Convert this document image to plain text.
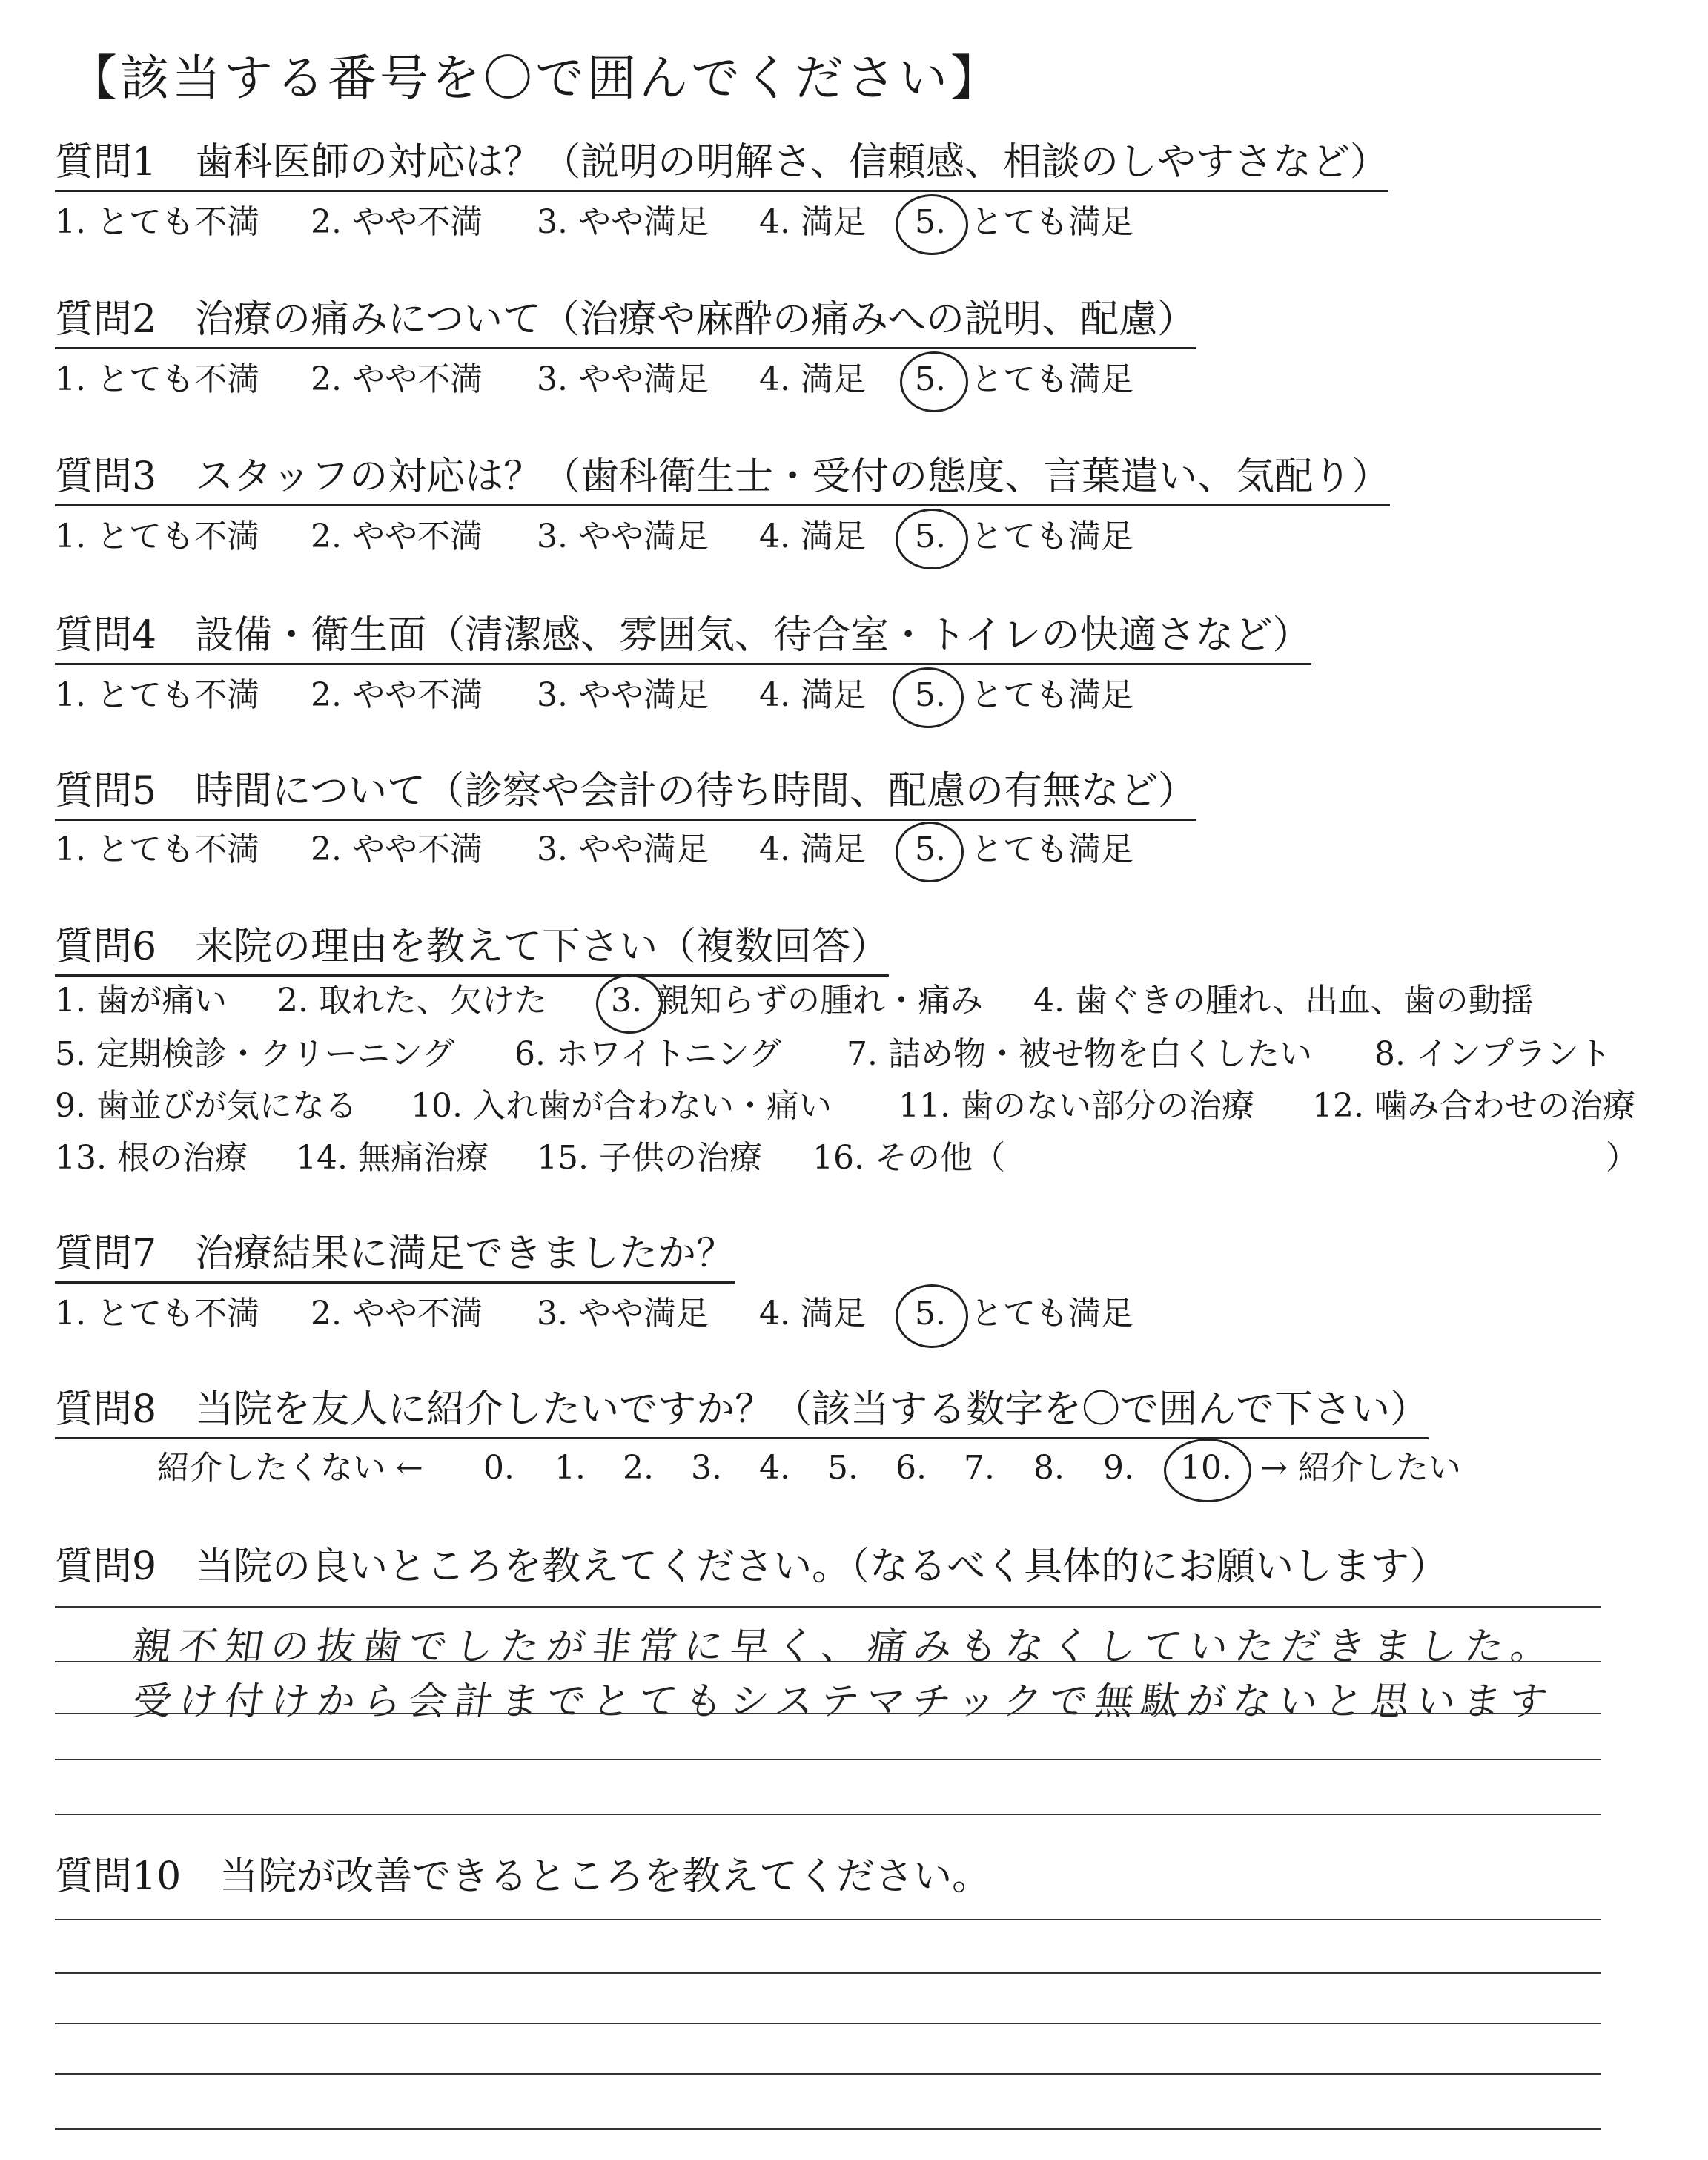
【該当する番号を〇で囲んでください】
質問1　歯科医師の対応は？（説明の明解さ、信頼感、相談のしやすさなど）
1. とても不満 2. やや不満 3. やや満足 4. 満足 5. とても満足
質問2　治療の痛みについて（治療や麻酔の痛みへの説明、配慮）
1. とても不満 2. やや不満 3. やや満足 4. 満足 5. とても満足
質問3　スタッフの対応は？（歯科衛生士・受付の態度、言葉遣い、気配り）
1. とても不満 2. やや不満 3. やや満足 4. 満足 5. とても満足
質問4　設備・衛生面（清潔感、雰囲気、待合室・トイレの快適さなど）
1. とても不満 2. やや不満 3. やや満足 4. 満足 5. とても満足
質問5　時間について（診察や会計の待ち時間、配慮の有無など）
1. とても不満 2. やや不満 3. やや満足 4. 満足 5. とても満足
質問6　来院の理由を教えて下さい（複数回答）
1. 歯が痛い 2. 取れた、欠けた 3. 親知らずの腫れ・痛み 4. 歯ぐきの腫れ、出血、歯の動揺
5. 定期検診・クリーニング 6. ホワイトニング 7. 詰め物・被せ物を白くしたい 8. インプラント
9. 歯並びが気になる 10. 入れ歯が合わない・痛い 11. 歯のない部分の治療 12. 噛み合わせの治療
13. 根の治療 14. 無痛治療 15. 子供の治療 16. その他（	）
質問7　治療結果に満足できましたか？
1. とても不満 2. やや不満 3. やや満足 4. 満足 5. とても満足
質問8　当院を友人に紹介したいですか？（該当する数字を〇で囲んで下さい）
紹介したくない ← 0. 1. 2. 3. 4. 5. 6. 7. 8. 9. 10. → 紹介したい
質問9　当院の良いところを教えてください。（なるべく具体的にお願いします）
親不知の抜歯でしたが非常に早く、痛みもなくしていただきました。
受け付けから会計までとてもシステマチックで無駄がないと思います
質問10　当院が改善できるところを教えてください。
